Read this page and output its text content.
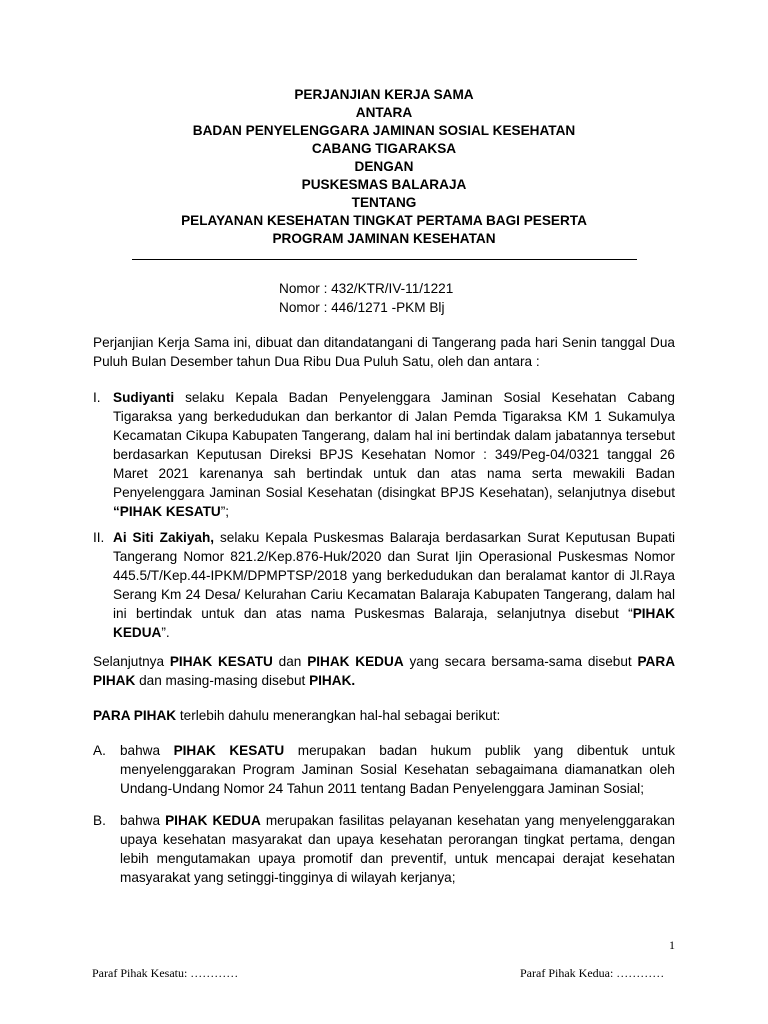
PERJANJIAN KERJA SAMA
ANTARA
BADAN PENYELENGGARA JAMINAN SOSIAL KESEHATAN
CABANG TIGARAKSA
DENGAN
PUSKESMAS BALARAJA
TENTANG
PELAYANAN KESEHATAN TINGKAT PERTAMA BAGI PESERTA
PROGRAM JAMINAN KESEHATAN
Nomor : 432/KTR/IV-11/1221
Nomor : 446/1271 -PKM Blj
Perjanjian Kerja Sama ini, dibuat dan ditandatangani di Tangerang pada hari Senin tanggal Dua Puluh Bulan Desember tahun Dua Ribu Dua Puluh Satu, oleh dan antara :
I. Sudiyanti selaku Kepala Badan Penyelenggara Jaminan Sosial Kesehatan Cabang Tigaraksa yang berkedudukan dan berkantor di Jalan Pemda Tigaraksa KM 1 Sukamulya Kecamatan Cikupa Kabupaten Tangerang, dalam hal ini bertindak dalam jabatannya tersebut berdasarkan Keputusan Direksi BPJS Kesehatan Nomor : 349/Peg-04/0321 tanggal 26 Maret 2021 karenanya sah bertindak untuk dan atas nama serta mewakili Badan Penyelenggara Jaminan Sosial Kesehatan (disingkat BPJS Kesehatan), selanjutnya disebut “PIHAK KESATU”;
II. Ai Siti Zakiyah, selaku Kepala Puskesmas Balaraja berdasarkan Surat Keputusan Bupati Tangerang Nomor 821.2/Kep.876-Huk/2020 dan Surat Ijin Operasional Puskesmas Nomor 445.5/T/Kep.44-IPKM/DPMPTSP/2018 yang berkedudukan dan beralamat kantor di Jl.Raya Serang Km 24 Desa/ Kelurahan Cariu Kecamatan Balaraja Kabupaten Tangerang, dalam hal ini bertindak untuk dan atas nama Puskesmas Balaraja, selanjutnya disebut “PIHAK KEDUA”.
Selanjutnya PIHAK KESATU dan PIHAK KEDUA yang secara bersama-sama disebut PARA PIHAK dan masing-masing disebut PIHAK.
PARA PIHAK terlebih dahulu menerangkan hal-hal sebagai berikut:
A. bahwa PIHAK KESATU merupakan badan hukum publik yang dibentuk untuk menyelenggarakan Program Jaminan Sosial Kesehatan sebagaimana diamanatkan oleh Undang-Undang Nomor 24 Tahun 2011 tentang Badan Penyelenggara Jaminan Sosial;
B. bahwa PIHAK KEDUA merupakan fasilitas pelayanan kesehatan yang menyelenggarakan upaya kesehatan masyarakat dan upaya kesehatan perorangan tingkat pertama, dengan lebih mengutamakan upaya promotif dan preventif, untuk mencapai derajat kesehatan masyarakat yang setinggi-tingginya di wilayah kerjanya;
1
Paraf Pihak Kesatu: …………	Paraf Pihak Kedua: …………
